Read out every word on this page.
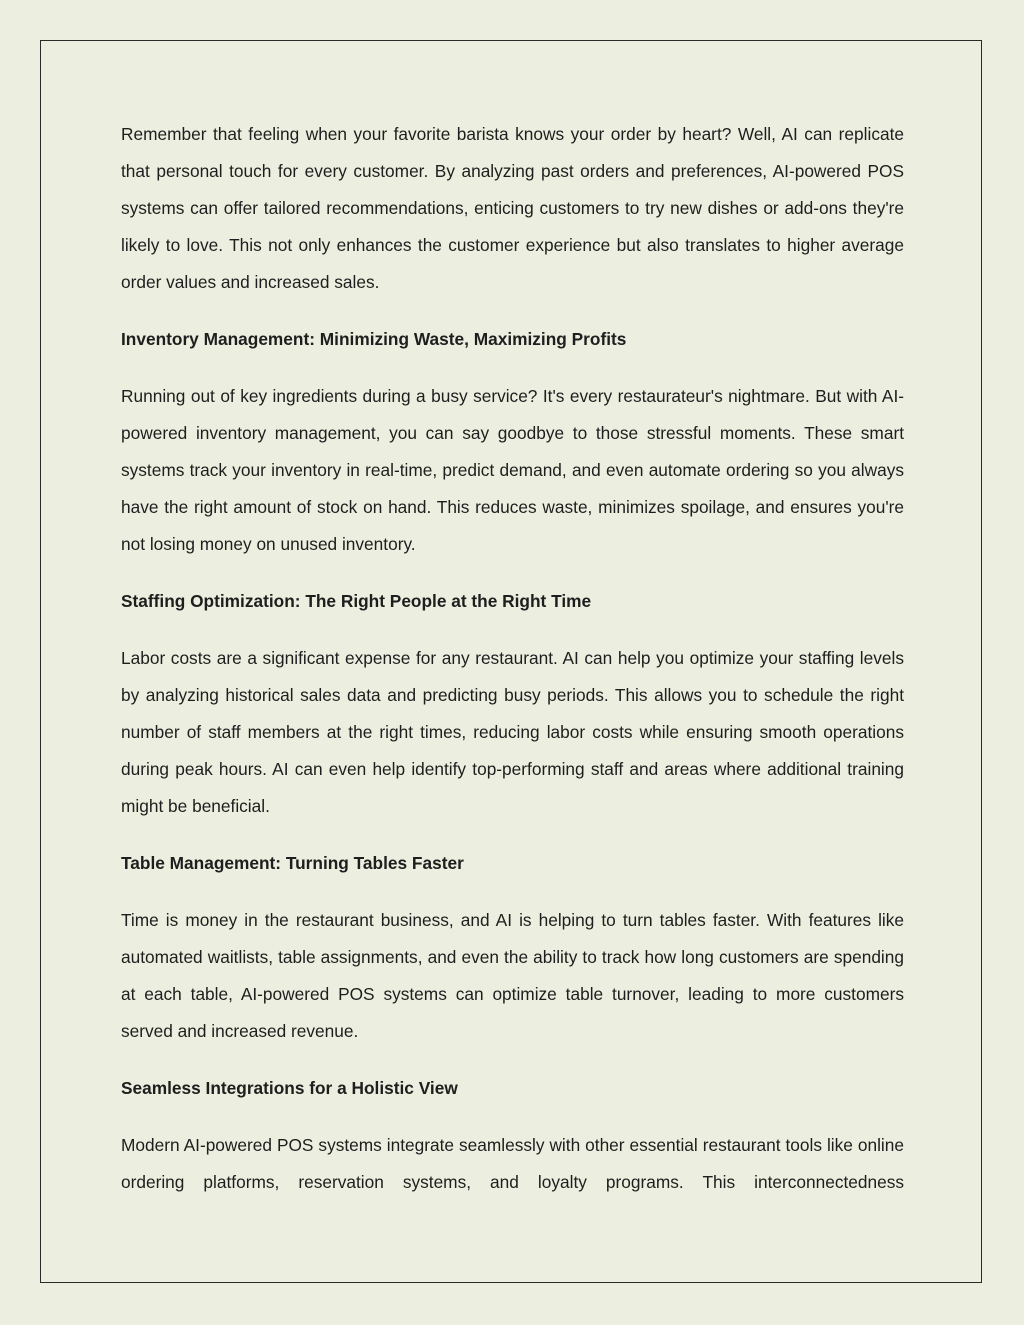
Remember that feeling when your favorite barista knows your order by heart? Well, AI can replicate that personal touch for every customer. By analyzing past orders and preferences, AI-powered POS systems can offer tailored recommendations, enticing customers to try new dishes or add-ons they're likely to love. This not only enhances the customer experience but also translates to higher average order values and increased sales.

Inventory Management: Minimizing Waste, Maximizing Profits

Running out of key ingredients during a busy service? It's every restaurateur's nightmare. But with AI-powered inventory management, you can say goodbye to those stressful moments. These smart systems track your inventory in real-time, predict demand, and even automate ordering so you always have the right amount of stock on hand. This reduces waste, minimizes spoilage, and ensures you're not losing money on unused inventory.

Staffing Optimization: The Right People at the Right Time

Labor costs are a significant expense for any restaurant. AI can help you optimize your staffing levels by analyzing historical sales data and predicting busy periods. This allows you to schedule the right number of staff members at the right times, reducing labor costs while ensuring smooth operations during peak hours. AI can even help identify top-performing staff and areas where additional training might be beneficial.

Table Management: Turning Tables Faster

Time is money in the restaurant business, and AI is helping to turn tables faster. With features like automated waitlists, table assignments, and even the ability to track how long customers are spending at each table, AI-powered POS systems can optimize table turnover, leading to more customers served and increased revenue.

Seamless Integrations for a Holistic View

Modern AI-powered POS systems integrate seamlessly with other essential restaurant tools like online ordering platforms, reservation systems, and loyalty programs. This interconnectedness
